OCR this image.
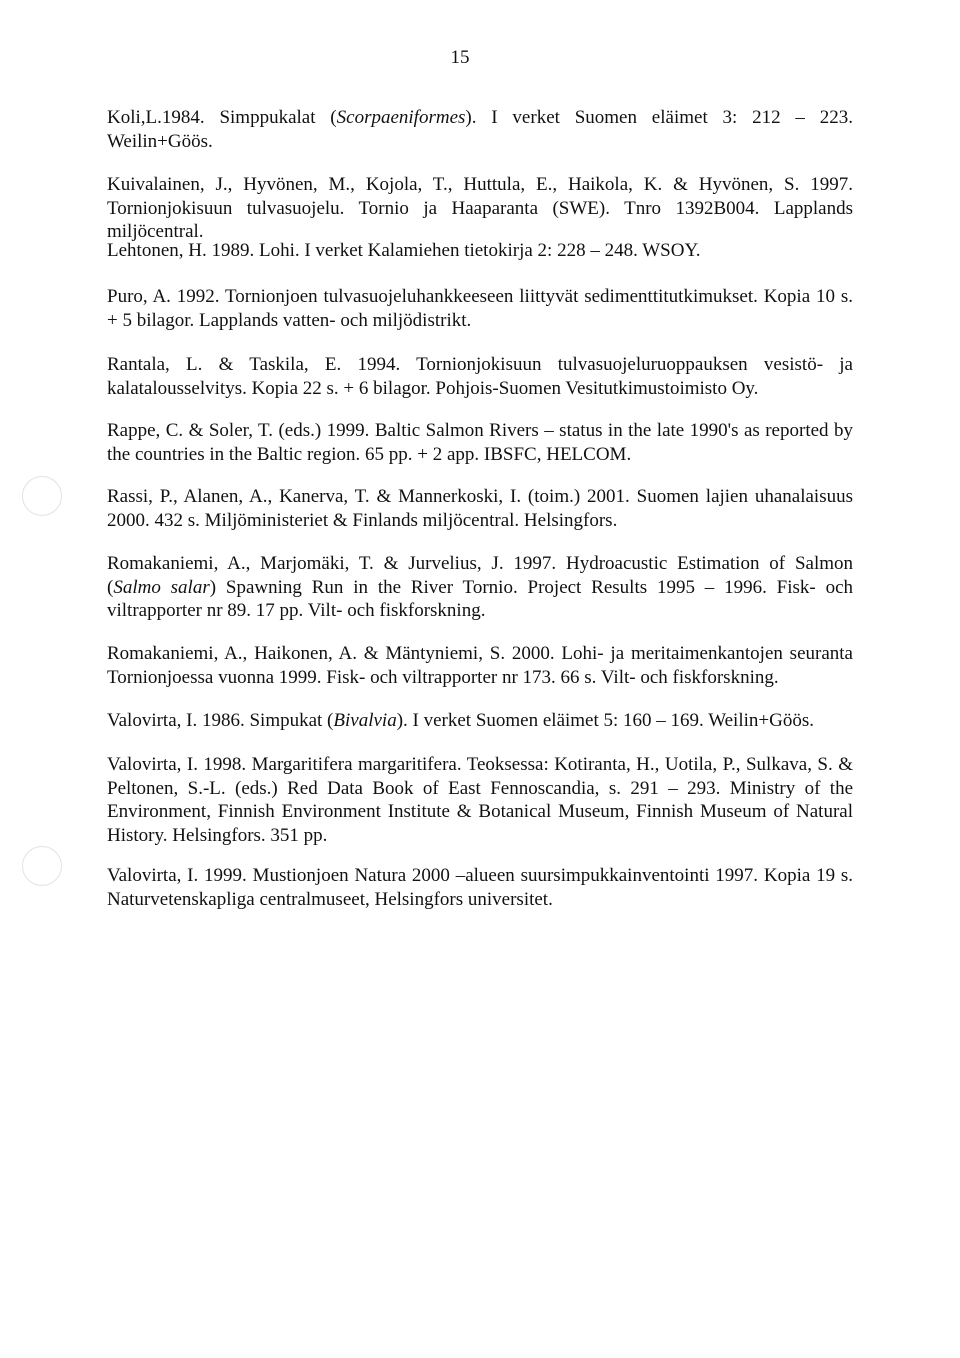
15

Koli,L.1984. Simppukalat (Scorpaeniformes). I verket Suomen eläimet 3: 212 – 223. Weilin+Göös.

Kuivalainen, J., Hyvönen, M., Kojola, T., Huttula, E., Haikola, K. & Hyvönen, S. 1997. Tornionjokisuun tulvasuojelu. Tornio ja Haaparanta (SWE). Tnro 1392B004. Lapplands miljöcentral.

Lehtonen, H. 1989. Lohi. I verket Kalamiehen tietokirja 2: 228 – 248. WSOY.

Puro, A. 1992. Tornionjoen tulvasuojeluhankkeeseen liittyvät sedimenttitutkimukset. Kopia 10 s. + 5 bilagor. Lapplands vatten- och miljödistrikt.

Rantala, L. & Taskila, E. 1994. Tornionjokisuun tulvasuojeluruoppauksen vesistö- ja kalatalousselvitys. Kopia 22 s. + 6 bilagor. Pohjois-Suomen Vesitutkimustoimisto Oy.

Rappe, C. & Soler, T. (eds.) 1999. Baltic Salmon Rivers – status in the late 1990's as reported by the countries in the Baltic region. 65 pp. + 2 app. IBSFC, HELCOM.

Rassi, P., Alanen, A., Kanerva, T. & Mannerkoski, I. (toim.) 2001. Suomen lajien uhanalaisuus 2000. 432 s. Miljöministeriet & Finlands miljöcentral. Helsingfors.

Romakaniemi, A., Marjomäki, T. & Jurvelius, J. 1997. Hydroacustic Estimation of Salmon (Salmo salar) Spawning Run in the River Tornio. Project Results 1995 – 1996. Fisk- och viltrapporter nr 89. 17 pp. Vilt- och fiskforskning.

Romakaniemi, A., Haikonen, A. & Mäntyniemi, S. 2000. Lohi- ja meritaimenkantojen seuranta Tornionjoessa vuonna 1999. Fisk- och viltrapporter nr 173. 66 s. Vilt- och fiskforskning.

Valovirta, I. 1986. Simpukat (Bivalvia). I verket Suomen eläimet 5: 160 – 169. Weilin+Göös.

Valovirta, I. 1998. Margaritifera margaritifera. Teoksessa: Kotiranta, H., Uotila, P., Sulkava, S. & Peltonen, S.-L. (eds.) Red Data Book of East Fennoscandia, s. 291 – 293. Ministry of the Environment, Finnish Environment Institute & Botanical Museum, Finnish Museum of Natural History. Helsingfors. 351 pp.

Valovirta, I. 1999. Mustionjoen Natura 2000 –alueen suursimpukkainventointi 1997. Kopia 19 s. Naturvetenskapliga centralmuseet, Helsingfors universitet.
